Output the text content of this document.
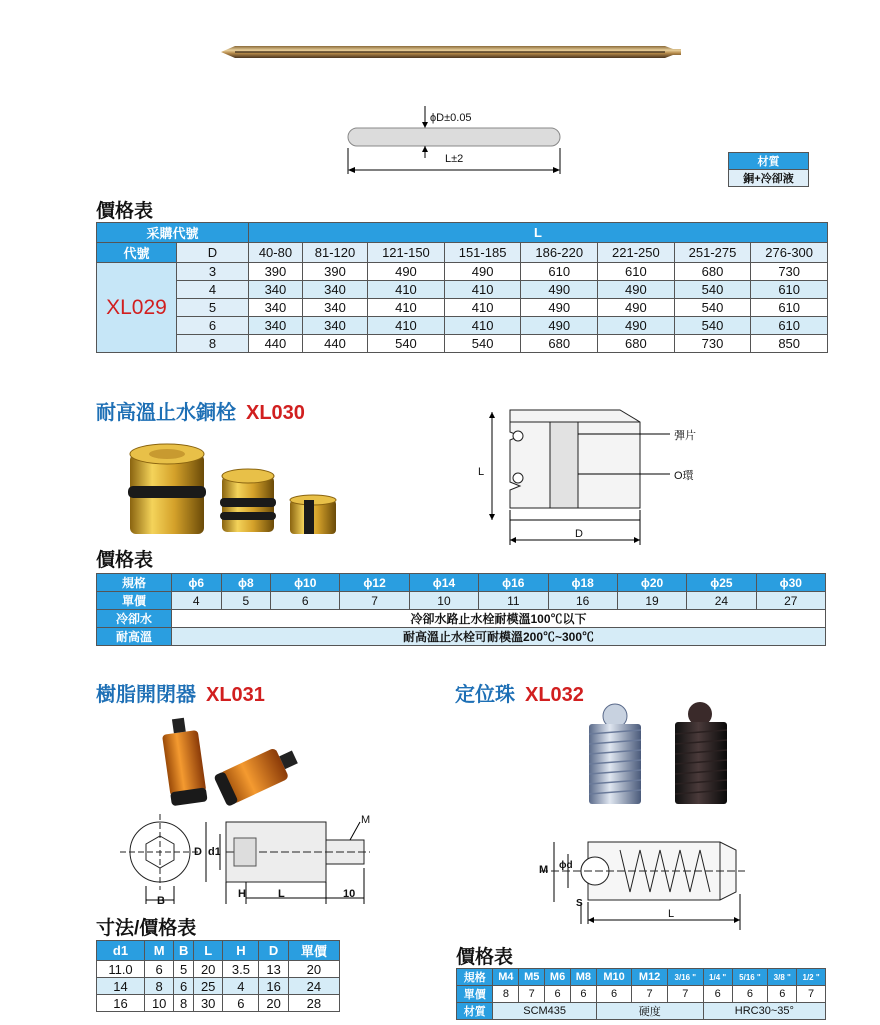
ϕD±0.05
L±2	材質
銅+冷卻液
價格表
采購代號		L							
代號	D	40-80	81-120	121-150	151-185	186-220	221-250	251-275	276-300
XL029	3	390	390	490	490	610	610	680	730
	4	340	340	410	410	490	490	540	610
	5	340	340	410	410	490	490	540	610
	6	340	340	410	410	490	490	540	610
	8	440	440	540	540	680	680	730	850
耐高溫止水銅栓 XL030
彈片
O環
L
D
價格表
規格	ϕ6	ϕ8	ϕ10	ϕ12	ϕ14	ϕ16	ϕ18	ϕ20	ϕ25	ϕ30
單價	4	5	6	7	10	11	16	19	24	27
冷卻水	冷卻水路止水栓耐模溫100℃以下									
耐高溫	耐高溫止水栓可耐模溫200℃~300℃									
樹脂開閉器 XL031
M
D d1
B
H	L	10
寸法/價格表
d1	M	B	L	H	D	單價
11.0	6	5	20	3.5	13	20
14	8	6	25	4	16	24
16	10	8	30	6	20	28
定位珠 XL032
M ϕd
S
L
價格表
規格	M4	M5	M6	M8	M10	M12	3/16 "	1/4 "	5/16 "	3/8 "	1/2 "
單價	8	7	6	6	6	7	7	6	6	6	7
材質	SCM435				硬度			HRC30~35°			
